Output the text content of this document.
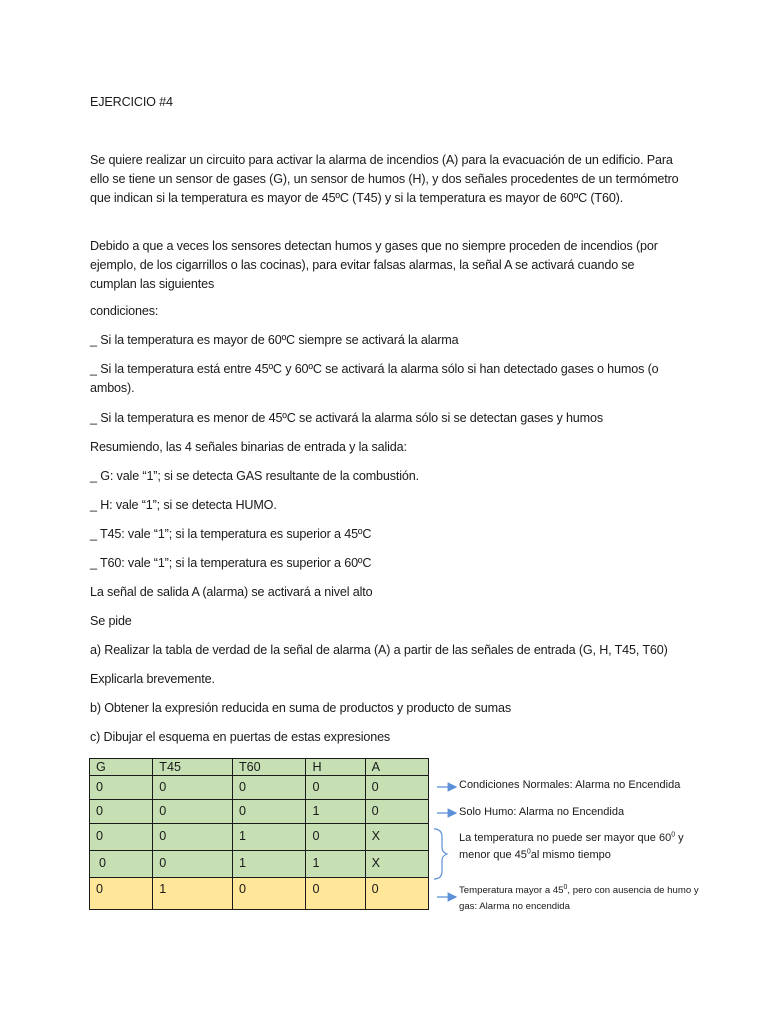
EJERCICIO #4

Se quiere realizar un circuito para activar la alarma de incendios (A) para la evacuación de un edificio. Para ello se tiene un sensor de gases (G), un sensor de humos (H), y dos señales procedentes de un termómetro que indican si la temperatura es mayor de 45ºC (T45) y si la temperatura es mayor de 60ºC (T60).

Debido a que a veces los sensores detectan humos y gases que no siempre proceden de incendios (por ejemplo, de los cigarrillos o las cocinas), para evitar falsas alarmas, la señal A se activará cuando se cumplan las siguientes

condiciones:

_ Si la temperatura es mayor de 60ºC siempre se activará la alarma

_ Si la temperatura está entre 45ºC y 60ºC se activará la alarma sólo si han detectado gases o humos (o ambos).

_ Si la temperatura es menor de 45ºC se activará la alarma sólo si se detectan gases y humos

Resumiendo, las 4 señales binarias de entrada y la salida:

_ G: vale “1”; si se detecta GAS resultante de la combustión.

_ H: vale “1”; si se detecta HUMO.

_ T45: vale “1”; si la temperatura es superior a 45ºC

_ T60: vale “1”; si la temperatura es superior a 60ºC

La señal de salida A (alarma) se activará a nivel alto

Se pide

a) Realizar la tabla de verdad de la señal de alarma (A) a partir de las señales de entrada (G, H, T45, T60)

Explicarla brevemente.

b) Obtener la expresión reducida en suma de productos y producto de sumas

c) Dibujar el esquema en puertas de estas expresiones

G	T45	T60	H	A
0	0	0	0	0
0	0	0	1	0
0	0	1	0	X
0	0	1	1	X
0	1	0	0	0
Condiciones Normales: Alarma no Encendida
Solo Humo: Alarma no Encendida
La temperatura no puede ser mayor que $60^0$ y
menor que $45^0al$ mismo tiempo
Temperatura mayor a $45^0$, pero con ausencia de humo y
gas: Alarma no encendida
